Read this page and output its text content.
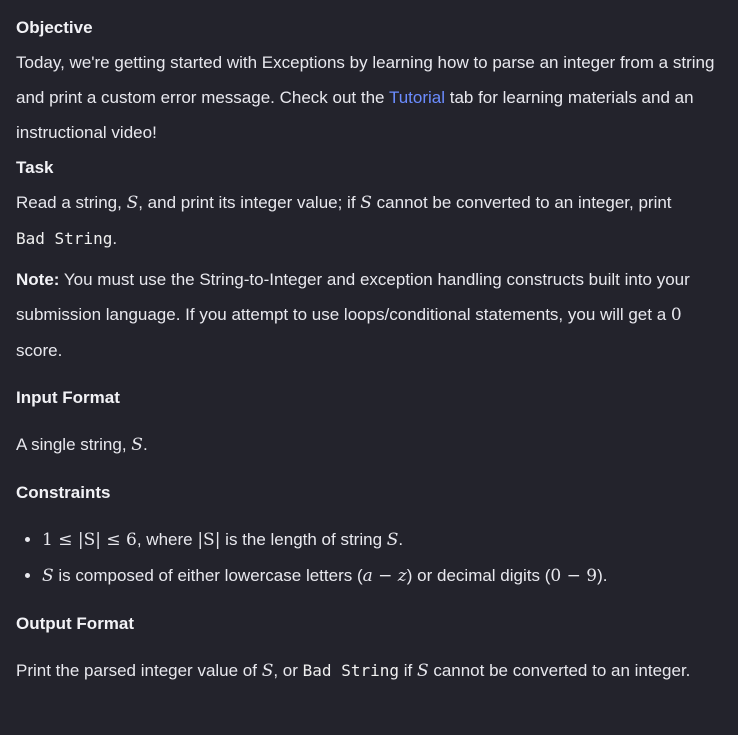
Objective

Today, we're getting started with Exceptions by learning how to parse an integer from a string and print a custom error message. Check out the Tutorial tab for learning materials and an instructional video!

Task

Read a string, S, and print its integer value; if S cannot be converted to an integer, print
Bad String.

Note: You must use the String-to-Integer and exception handling constructs built into your submission language. If you attempt to use loops/conditional statements, you will get a 0 score.

Input Format

A single string, S.

Constraints
• 1 ≤ |S| ≤ 6, where |S| is the length of string S.
• S is composed of either lowercase letters (a − z) or decimal digits (0 − 9).
Output Format

Print the parsed integer value of S, or Bad String if S cannot be converted to an integer.
